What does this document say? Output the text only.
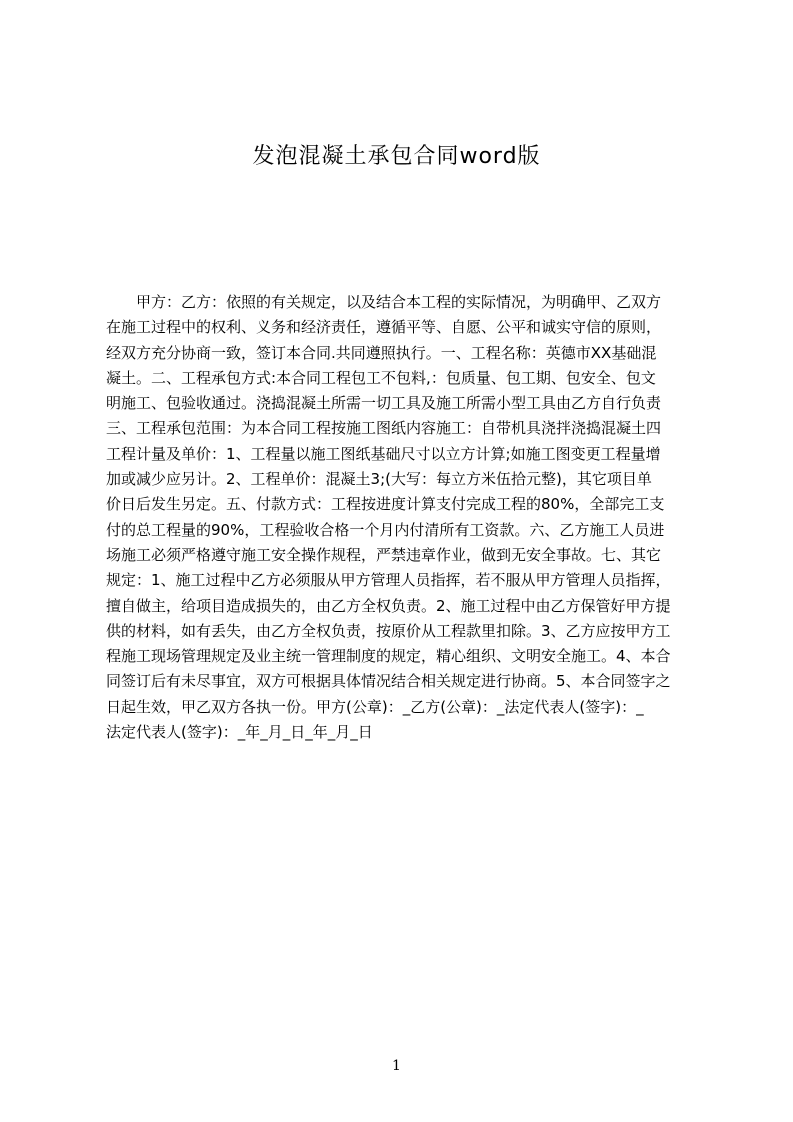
发泡混凝土承包合同word版
　　甲方：乙方：依照的有关规定，以及结合本工程的实际情况，为明确甲、乙双方
在施工过程中的权利、义务和经济责任，遵循平等、自愿、公平和诚实守信的原则，
经双方充分协商一致，签订本合同.共同遵照执行。一、工程名称：英德市XX基础混
凝土。二、工程承包方式:本合同工程包工不包料,：包质量、包工期、包安全、包文
明施工、包验收通过。浇捣混凝土所需一切工具及施工所需小型工具由乙方自行负责
三、工程承包范围：为本合同工程按施工图纸内容施工：自带机具浇拌浇捣混凝土四
工程计量及单价：1、工程量以施工图纸基础尺寸以立方计算;如施工图变更工程量增
加或减少应另计。2、工程单价：混凝土3;(大写：每立方米伍拾元整)，其它项目单
价日后发生另定。五、付款方式：工程按进度计算支付完成工程的80%，全部完工支
付的总工程量的90%，工程验收合格一个月内付清所有工资款。六、乙方施工人员进
场施工必须严格遵守施工安全操作规程，严禁违章作业，做到无安全事故。七、其它
规定：1、施工过程中乙方必须服从甲方管理人员指挥，若不服从甲方管理人员指挥，
擅自做主，给项目造成损失的，由乙方全权负责。2、施工过程中由乙方保管好甲方提
供的材料，如有丢失，由乙方全权负责，按原价从工程款里扣除。3、乙方应按甲方工
程施工现场管理规定及业主统一管理制度的规定，精心组织、文明安全施工。4、本合
同签订后有未尽事宜，双方可根据具体情况结合相关规定进行协商。5、本合同签字之
日起生效，甲乙双方各执一份。甲方(公章)：_乙方(公章)：_法定代表人(签字)：_
法定代表人(签字)：_年_月_日_年_月_日
1
